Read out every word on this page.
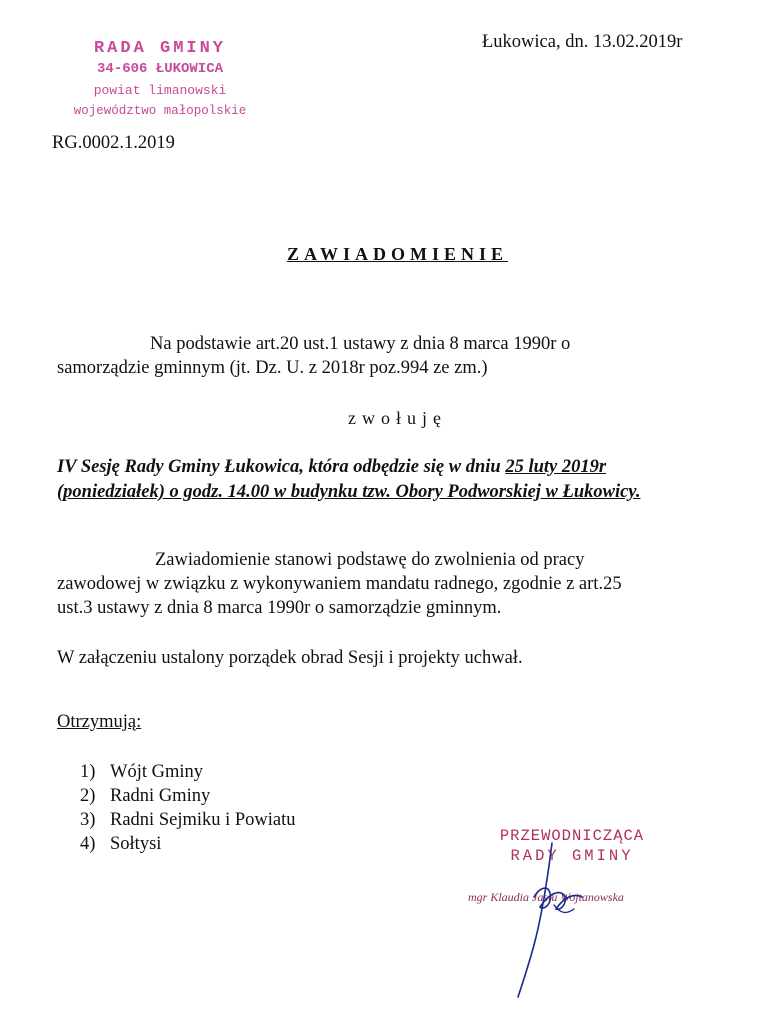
RADA GMINY
34-606 ŁUKOWICA
powiat limanowski
województwo małopolskie
Łukowica, dn. 13.02.2019r
RG.0002.1.2019
ZAWIADOMIENIE
Na podstawie art.20 ust.1 ustawy z dnia 8 marca 1990r o
samorządzie gminnym (jt. Dz. U. z 2018r poz.994 ze zm.)
zwołuję
IV Sesję Rady Gminy Łukowica, która odbędzie się w dniu 25 luty 2019r
(poniedziałek) o godz. 14.00 w budynku tzw. Obory Podworskiej w Łukowicy.
Zawiadomienie stanowi podstawę do zwolnienia od pracy
zawodowej w związku z wykonywaniem mandatu radnego, zgodnie z art.25
ust.3 ustawy z dnia 8 marca 1990r o samorządzie gminnym.
W załączeniu ustalony porządek obrad Sesji i projekty uchwał.
Otrzymują:
1) Wójt Gminy
2) Radni Gminy
3) Radni Sejmiku i Powiatu
4) Sołtysi	PRZEWODNICZĄCA
RADY GMINY
mgr Klaudia Jasiu Wojtanowska
